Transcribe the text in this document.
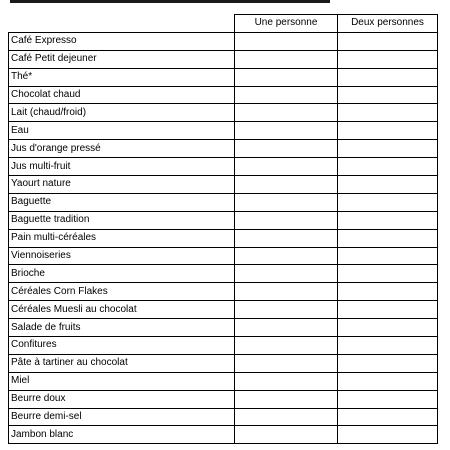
	Une personne	Deux personnes
Café Expresso		
Café Petit dejeuner		
Thé*		
Chocolat chaud		
Lait (chaud/froid)		
Eau		
Jus d'orange pressé		
Jus multi-fruit		
Yaourt nature		
Baguette		
Baguette tradition		
Pain multi-céréales		
Viennoiseries		
Brioche		
Céréales Corn Flakes		
Céréales Muesli au chocolat		
Salade de fruits		
Confitures		
Pâte à tartiner au chocolat		
Miel		
Beurre doux		
Beurre demi-sel		
Jambon blanc		
